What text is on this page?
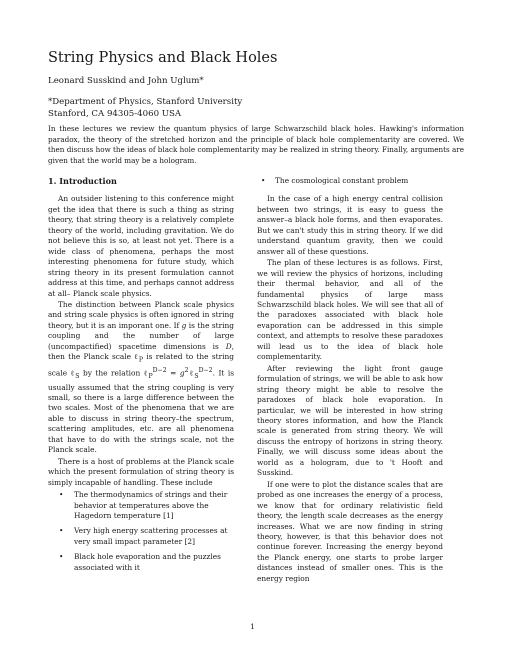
String Physics and Black Holes
Leonard Susskind and John Uglum*
*Department of Physics, Stanford University
Stanford, CA 94305-4060 USA

In these lectures we review the quantum physics of large Schwarzschild black holes. Hawking's information paradox, the theory of the stretched horizon and the principle of black hole complementarity are covered. We then discuss how the ideas of black hole complementarity may be realized in string theory. Finally, arguments are given that the world may be a hologram.

1. Introduction

An outsider listening to this conference might get the idea that there is such a thing as string theory, that string theory is a relatively complete theory of the world, including gravitation. We do not believe this is so, at least not yet. There is a wide class of phenomena, perhaps the most interesting phenomena for future study, which string theory in its present formulation cannot address at this time, and perhaps cannot address at all– Planck scale physics.

The distinction between Planck scale physics and string scale physics is often ignored in string theory, but it is an imporant one. If g is the string coupling and the number of large (uncompactified) spacetime dimensions is D, then the Planck scale ℓ$_P$ is related to the string scale ℓ$_S$ by the relation ℓ$_P^{D-2}$ = $g^2\ell_S^{D-2}$. It is usually assumed that the string coupling is very small, so there is a large difference between the two scales. Most of the phenomena that we are able to discuss in string theory–the spectrum, scattering amplitudes, etc. are all phenomena that have to do with the strings scale, not the Planck scale.

There is a host of problems at the Planck scale which the present formulation of string theory is simply incapable of handling. These include

• The thermodynamics of strings and their behavior at temperatures above the Hagedorn temperature [1]
• Very high energy scattering processes at very small impact parameter [2]
• Black hole evaporation and the puzzles associated with it
• The cosmological constant problem

In the case of a high energy central collision between two strings, it is easy to guess the answer–a black hole forms, and then evaporates. But we can't study this in string theory. If we did understand quantum gravity, then we could answer all of these questions.

The plan of these lectures is as follows. First, we will review the physics of horizons, including their thermal behavior, and all of the fundamental physics of large mass Schwarzschild black holes. We will see that all of the paradoxes associated with black hole evaporation can be addressed in this simple context, and attempts to resolve these paradoxes will lead us to the idea of black hole complementarity.

After reviewing the light front gauge formulation of strings, we will be able to ask how string theory might be able to resolve the paradoxes of black hole evaporation. In particular, we will be interested in how string theory stores information, and how the Planck scale is generated from string theory. We will discuss the entropy of horizons in string theory. Finally, we will discuss some ideas about the world as a hologram, due to 't Hooft and Susskind.

If one were to plot the distance scales that are probed as one increases the energy of a process, we know that for ordinary relativistic field theory, the length scale decreases as the energy increases. What we are now finding in string theory, however, is that this behavior does not continue forever. Increasing the energy beyond the Planck energy, one starts to probe larger distances instead of smaller ones. This is the energy region

1
